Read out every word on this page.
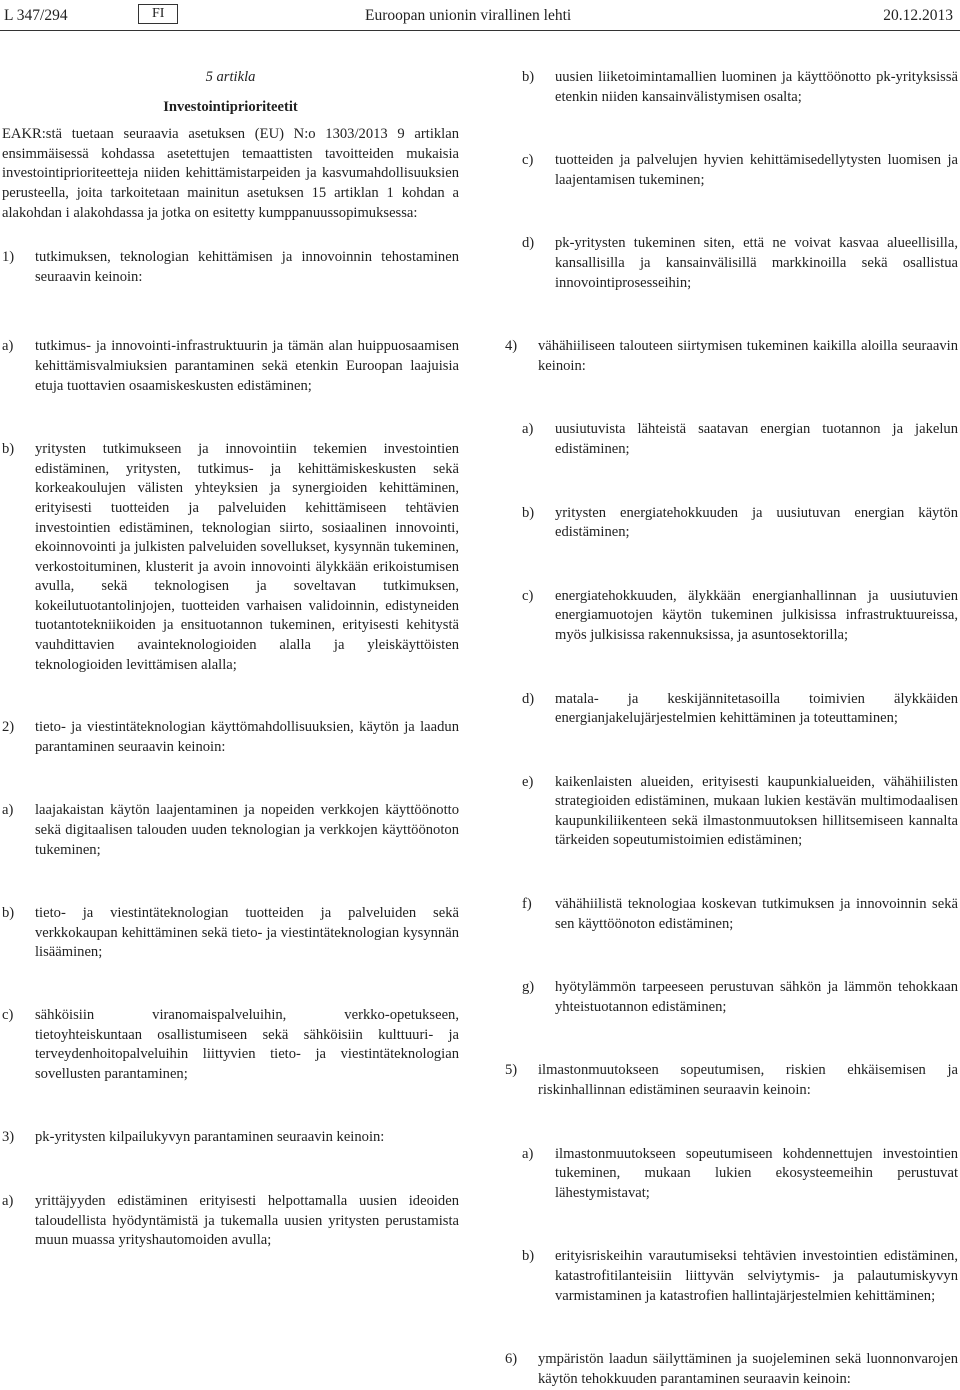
L 347/294	FI	Euroopan unionin virallinen lehti	20.12.2013

5 artikla

Investointiprioriteetit

EAKR:stä tuetaan seuraavia asetuksen (EU) N:o 1303/2013 9 artiklan ensimmäisessä kohdassa asetettujen temaattisten tavoitteiden mukaisia investointiprioriteetteja niiden kehittämistarpeiden ja kasvumahdollisuuksien perusteella, joita tarkoitetaan mainitun asetuksen 15 artiklan 1 kohdan a alakohdan i alakohdassa ja jotka on esitetty kumppanuussopimuksessa:

1) tutkimuksen, teknologian kehittämisen ja innovoinnin tehostaminen seuraavin keinoin:
a) tutkimus- ja innovointi-infrastruktuurin ja tämän alan huippuosaamisen kehittämisvalmiuksien parantaminen sekä etenkin Euroopan laajuisia etuja tuottavien osaamiskeskusten edistäminen;
b) yritysten tutkimukseen ja innovointiin tekemien investointien edistäminen, yritysten, tutkimus- ja kehittämiskeskusten sekä korkeakoulujen välisten yhteyksien ja synergioiden kehittäminen, erityisesti tuotteiden ja palveluiden kehittämiseen tehtävien investointien edistäminen, teknologian siirto, sosiaalinen innovointi, ekoinnovointi ja julkisten palveluiden sovellukset, kysynnän tukeminen, verkostoituminen, klusterit ja avoin innovointi älykkään erikoistumisen avulla, sekä teknologisen ja soveltavan tutkimuksen, kokeilutuotantolinjojen, tuotteiden varhaisen validoinnin, edistyneiden tuotantotekniikoiden ja ensituotannon tukeminen, erityisesti kehitystä vauhdittavien avainteknologioiden alalla ja yleiskäyttöisten teknologioiden levittämisen alalla;
2) tieto- ja viestintäteknologian käyttömahdollisuuksien, käytön ja laadun parantaminen seuraavin keinoin:
a) laajakaistan käytön laajentaminen ja nopeiden verkkojen käyttöönotto sekä digitaalisen talouden uuden teknologian ja verkkojen käyttöönoton tukeminen;
b) tieto- ja viestintäteknologian tuotteiden ja palveluiden sekä verkkokaupan kehittäminen sekä tieto- ja viestintäteknologian kysynnän lisääminen;
c) sähköisiin viranomaispalveluihin, verkko-opetukseen, tietoyhteiskuntaan osallistumiseen sekä sähköisiin kulttuuri- ja terveydenhoitopalveluihin liittyvien tieto- ja viestintäteknologian sovellusten parantaminen;
3) pk-yritysten kilpailukyvyn parantaminen seuraavin keinoin:
a) yrittäjyyden edistäminen erityisesti helpottamalla uusien ideoiden taloudellista hyödyntämistä ja tukemalla uusien yritysten perustamista muun muassa yrityshautomoiden avulla;
b) uusien liiketoimintamallien luominen ja käyttöönotto pk-yrityksissä etenkin niiden kansainvälistymisen osalta;
c) tuotteiden ja palvelujen hyvien kehittämisedellytysten luomisen ja laajentamisen tukeminen;
d) pk-yritysten tukeminen siten, että ne voivat kasvaa alueellisilla, kansallisilla ja kansainvälisillä markkinoilla sekä osallistua innovointiprosesseihin;
4) vähähiiliseen talouteen siirtymisen tukeminen kaikilla aloilla seuraavin keinoin:
a) uusiutuvista lähteistä saatavan energian tuotannon ja jakelun edistäminen;
b) yritysten energiatehokkuuden ja uusiutuvan energian käytön edistäminen;
c) energiatehokkuuden, älykkään energianhallinnan ja uusiutuvien energiamuotojen käytön tukeminen julkisissa infrastruktuureissa, myös julkisissa rakennuksissa, ja asuntosektorilla;
d) matala- ja keskijännitetasoilla toimivien älykkäiden energianjakelujärjestelmien kehittäminen ja toteuttaminen;
e) kaikenlaisten alueiden, erityisesti kaupunkialueiden, vähähiilisten strategioiden edistäminen, mukaan lukien kestävän multimodaalisen kaupunkiliikenteen sekä ilmastonmuutoksen hillitsemiseen kannalta tärkeiden sopeutumistoimien edistäminen;
f) vähähiilistä teknologiaa koskevan tutkimuksen ja innovoinnin sekä sen käyttöönoton edistäminen;
g) hyötylämmön tarpeeseen perustuvan sähkön ja lämmön tehokkaan yhteistuotannon edistäminen;
5) ilmastonmuutokseen sopeutumisen, riskien ehkäisemisen ja riskinhallinnan edistäminen seuraavin keinoin:
a) ilmastonmuutokseen sopeutumiseen kohdennettujen investointien tukeminen, mukaan lukien ekosysteemeihin perustuvat lähestymistavat;
b) erityisriskeihin varautumiseksi tehtävien investointien edistäminen, katastrofitilanteisiin liittyvän selviytymis- ja palautumiskyvyn varmistaminen ja katastrofien hallintajärjestelmien kehittäminen;
6) ympäristön laadun säilyttäminen ja suojeleminen sekä luonnonvarojen käytön tehokkuuden parantaminen seuraavin keinoin:
